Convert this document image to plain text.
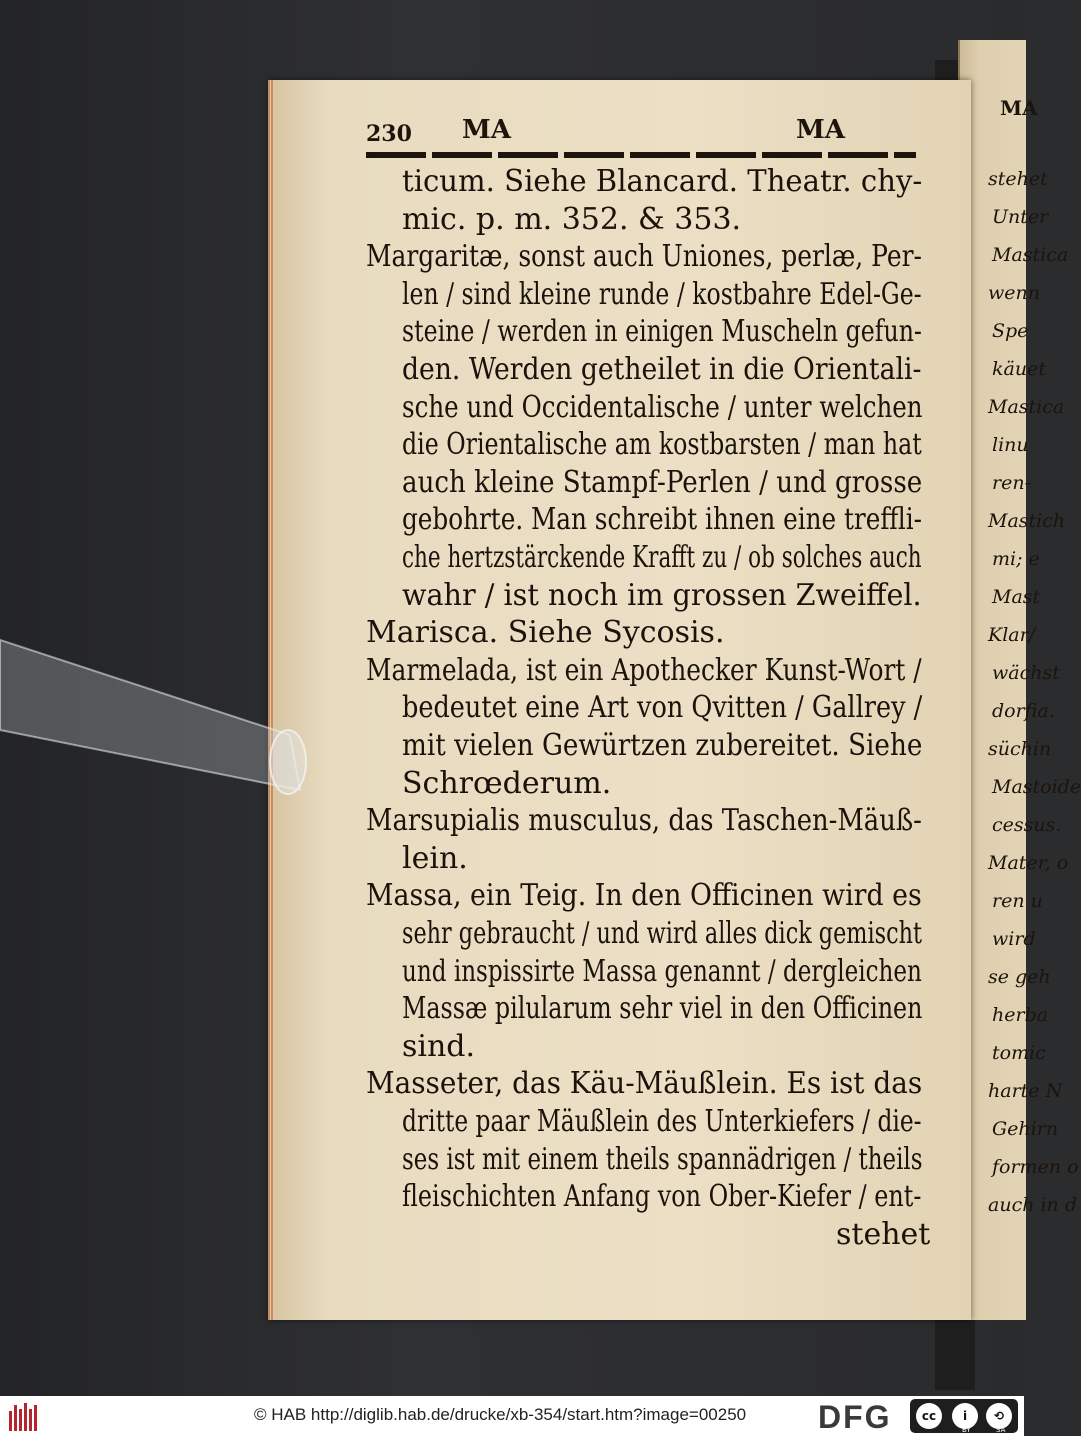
MA
stehet
Unter
Mastica
wenn
Spe
käuet
Mastica
linu
ren-
Mastich
mi; e
Mast
Klar/
wächst
dorfia.
süchin
Mastoide
cessus.
Mater, o
ren u
wird
se geh
herba
tomic
harte N
Gehirn
formen o
auch in d
230 MA	MA
ticum. Siehe Blancard. Theatr. chy-
mic. p. m. 352. & 353.
Margaritæ, sonst auch Uniones, perlæ, Per-
len / sind kleine runde / kostbahre Edel-Ge-
steine / werden in einigen Muscheln gefun-
den. Werden getheilet in die Orientali-
sche und Occidentalische / unter welchen
die Orientalische am kostbarsten / man hat
auch kleine Stampf-Perlen / und grosse
gebohrte. Man schreibt ihnen eine treffli-
che hertzstärckende Krafft zu / ob solches auch
wahr / ist noch im grossen Zweiffel.
Marisca. Siehe Sycosis.
Marmelada, ist ein Apothecker Kunst-Wort /
bedeutet eine Art von Qvitten / Gallrey /
mit vielen Gewürtzen zubereitet. Siehe
Schrœderum.
Marsupialis musculus, das Taschen-Mäuß-
lein.
Massa, ein Teig. In den Officinen wird es
sehr gebraucht / und wird alles dick gemischt
und inspissirte Massa genannt / dergleichen
Massæ pilularum sehr viel in den Officinen
sind.
Masseter, das Käu-Mäußlein. Es ist das
dritte paar Mäußlein des Unterkiefers / die-
ses ist mit einem theils spannädrigen / theils
fleischichten Anfang von Ober-Kiefer / ent-
stehet
© HAB http://diglib.hab.de/drucke/xb-354/start.htm?image=00250 DFG	cc	i	⟲
BY	SA
